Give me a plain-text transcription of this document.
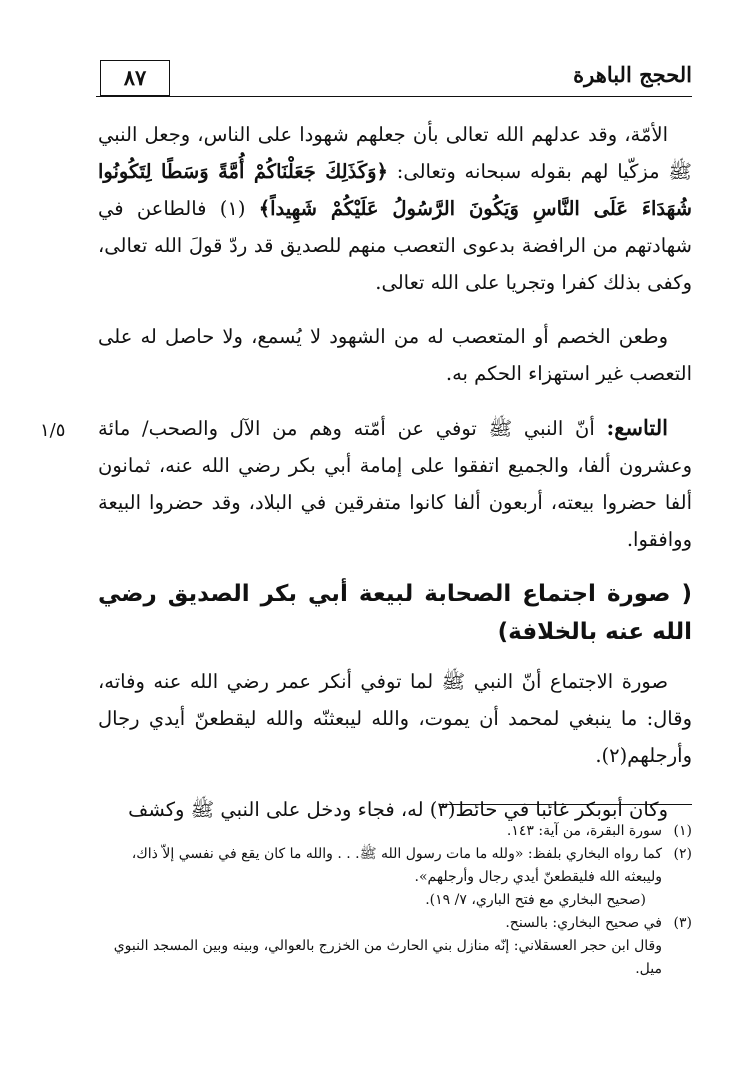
الحجج الباهرة
٨٧
١/٥

الأمّة، وقد عدلهم الله تعالى بأن جعلهم شهودا على الناس، وجعل النبي ﷺ مزكّيا لهم بقوله سبحانه وتعالى: ﴿وَكَذَلِكَ جَعَلْنَاكُمْ أُمَّةً وَسَطًا لِتَكُونُوا شُهَدَاءَ عَلَى النَّاسِ وَيَكُونَ الرَّسُولُ عَلَيْكُمْ شَهِيداً﴾ (١) فالطاعن في شهادتهم من الرافضة بدعوى التعصب منهم للصديق قد ردّ قولَ الله تعالى، وكفى بذلك كفرا وتجريا على الله تعالى.

وطعن الخصم أو المتعصب له من الشهود لا يُسمع، ولا حاصل له على التعصب غير استهزاء الحكم به.

التاسع: أنّ النبي ﷺ توفي عن أمّته وهم من الآل والصحب/ مائة وعشرون ألفا، والجميع اتفقوا على إمامة أبي بكر رضي الله عنه، ثمانون ألفا حضروا بيعته، أربعون ألفا كانوا متفرقين في البلاد، وقد حضروا البيعة ووافقوا.

( صورة اجتماع الصحابة لبيعة أبي بكر الصديق رضي الله عنه بالخلافة)

صورة الاجتماع أنّ النبي ﷺ لما توفي أنكر عمر رضي الله عنه وفاته، وقال: ما ينبغي لمحمد أن يموت، والله ليبعثنّه والله ليقطعنّ أيدي رجال وأرجلهم(٢).

وكان أبوبكر غائبا في حائط(٣) له، فجاء ودخل على النبي ﷺ وكشف

(١)
سورة البقرة، من آية: ١٤٣.
(٢)
كما رواه البخاري بلفظ: «ولله ما مات رسول الله ﷺ. . . والله ما كان يقع في نفسي إلاّ ذاك، وليبعثه الله فليقطعنّ أيدي رجال وأرجلهم».
(صحيح البخاري مع فتح الباري، ٧/ ١٩).
(٣)
في صحيح البخاري: بالسنح.
وقال ابن حجر العسقلاني: إنّه منازل بني الحارث من الخزرج بالعوالي، وبينه وبين المسجد النبوي ميل.
